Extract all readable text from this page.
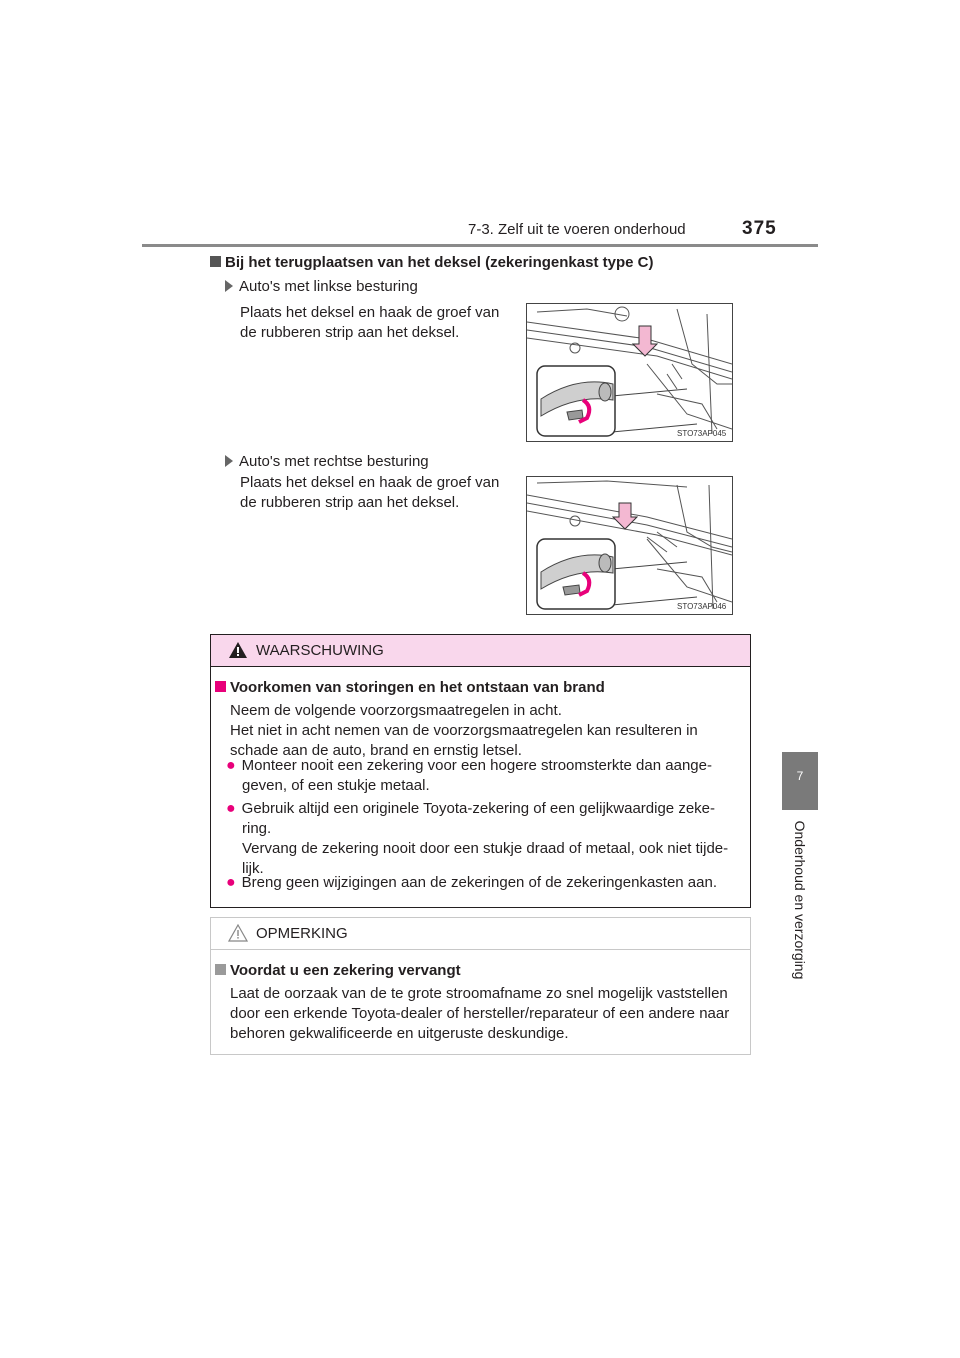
7-3. Zelf uit te voeren onderhoud	375
7
Onderhoud en verzorging
Bij het terugplaatsen van het deksel (zekeringenkast type C)
Auto's met linkse besturing
Plaats het deksel en haak de groef van
de rubberen strip aan het deksel.
STO73AP045
Auto's met rechtse besturing
Plaats het deksel en haak de groef van
de rubberen strip aan het deksel.
STO73AP046
WAARSCHUWING
Voorkomen van storingen en het ontstaan van brand
Neem de volgende voorzorgsmaatregelen in acht.
Het niet in acht nemen van de voorzorgsmaatregelen kan resulteren in
schade aan de auto, brand en ernstig letsel.
● Monteer nooit een zekering voor een hogere stroomsterkte dan aange-
geven, of een stukje metaal.
● Gebruik altijd een originele Toyota-zekering of een gelijkwaardige zeke-
ring.
Vervang de zekering nooit door een stukje draad of metaal, ook niet tijde-
lijk.
● Breng geen wijzigingen aan de zekeringen of de zekeringenkasten aan.
OPMERKING
Voordat u een zekering vervangt
Laat de oorzaak van de te grote stroomafname zo snel mogelijk vaststellen
door een erkende Toyota-dealer of hersteller/reparateur of een andere naar
behoren gekwalificeerde en uitgeruste deskundige.
